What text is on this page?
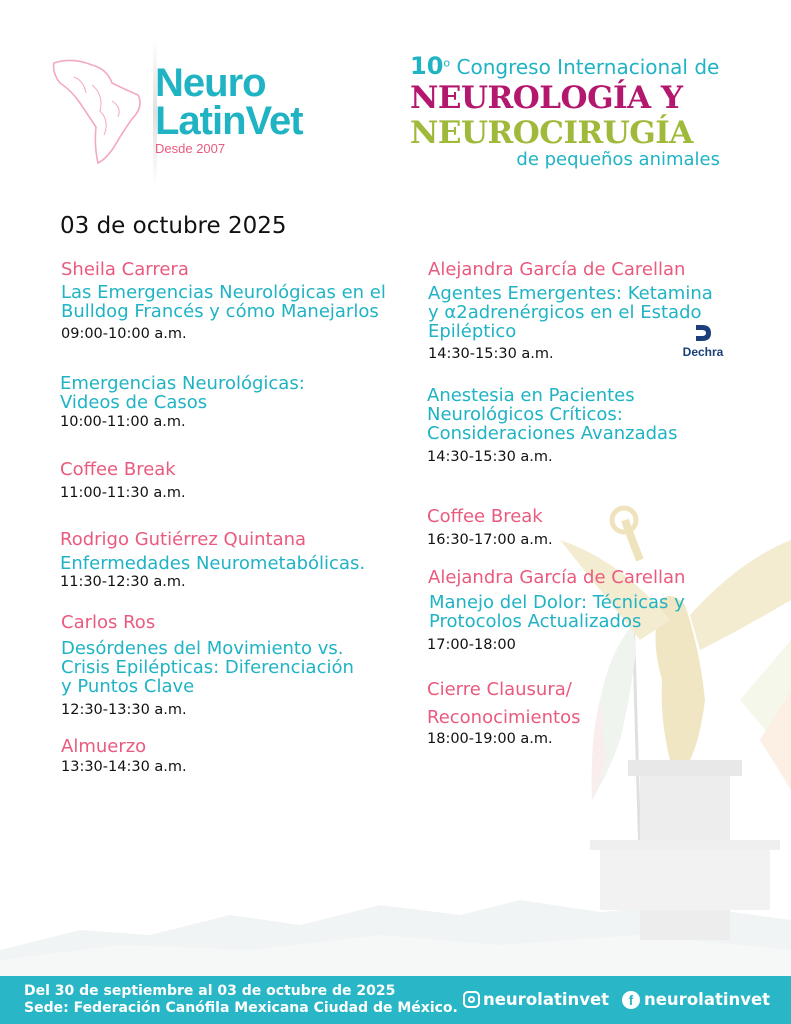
Neuro
LatinVet
Desde 2007
10$^o$ Congreso Internacional de
NEUROLOGÍA Y
NEUROCIRUGÍA
de pequeños animales
03 de octubre 2025
Sheila Carrera
Las Emergencias Neurológicas en el
Bulldog Francés y cómo Manejarlos
09:00-10:00 a.m.
Emergencias Neurológicas:
Videos de Casos
10:00-11:00 a.m.
Coffee Break
11:00-11:30 a.m.
Rodrigo Gutiérrez Quintana
Enfermedades Neurometabólicas.
11:30-12:30 a.m.
Carlos Ros
Desórdenes del Movimiento vs.
Crisis Epilépticas: Diferenciación
y Puntos Clave
12:30-13:30 a.m.
Almuerzo
13:30-14:30 a.m.
Alejandra García de Carellan
Agentes Emergentes: Ketamina
y α2adrenérgicos en el Estado
Epiléptico
14:30-15:30 a.m.	Dechra
Anestesia en Pacientes
Neurológicos Críticos:
Consideraciones Avanzadas
14:30-15:30 a.m.
Coffee Break
16:30-17:00 a.m.
Alejandra García de Carellan
Manejo del Dolor: Técnicas y
Protocolos Actualizados
17:00-18:00
Cierre Clausura/
Reconocimientos
18:00-19:00 a.m.
Del 30 de septiembre al 03 de octubre de 2025
Sede: Federación Canófila Mexicana Ciudad de México. neurolatinvet	f neurolatinvet
